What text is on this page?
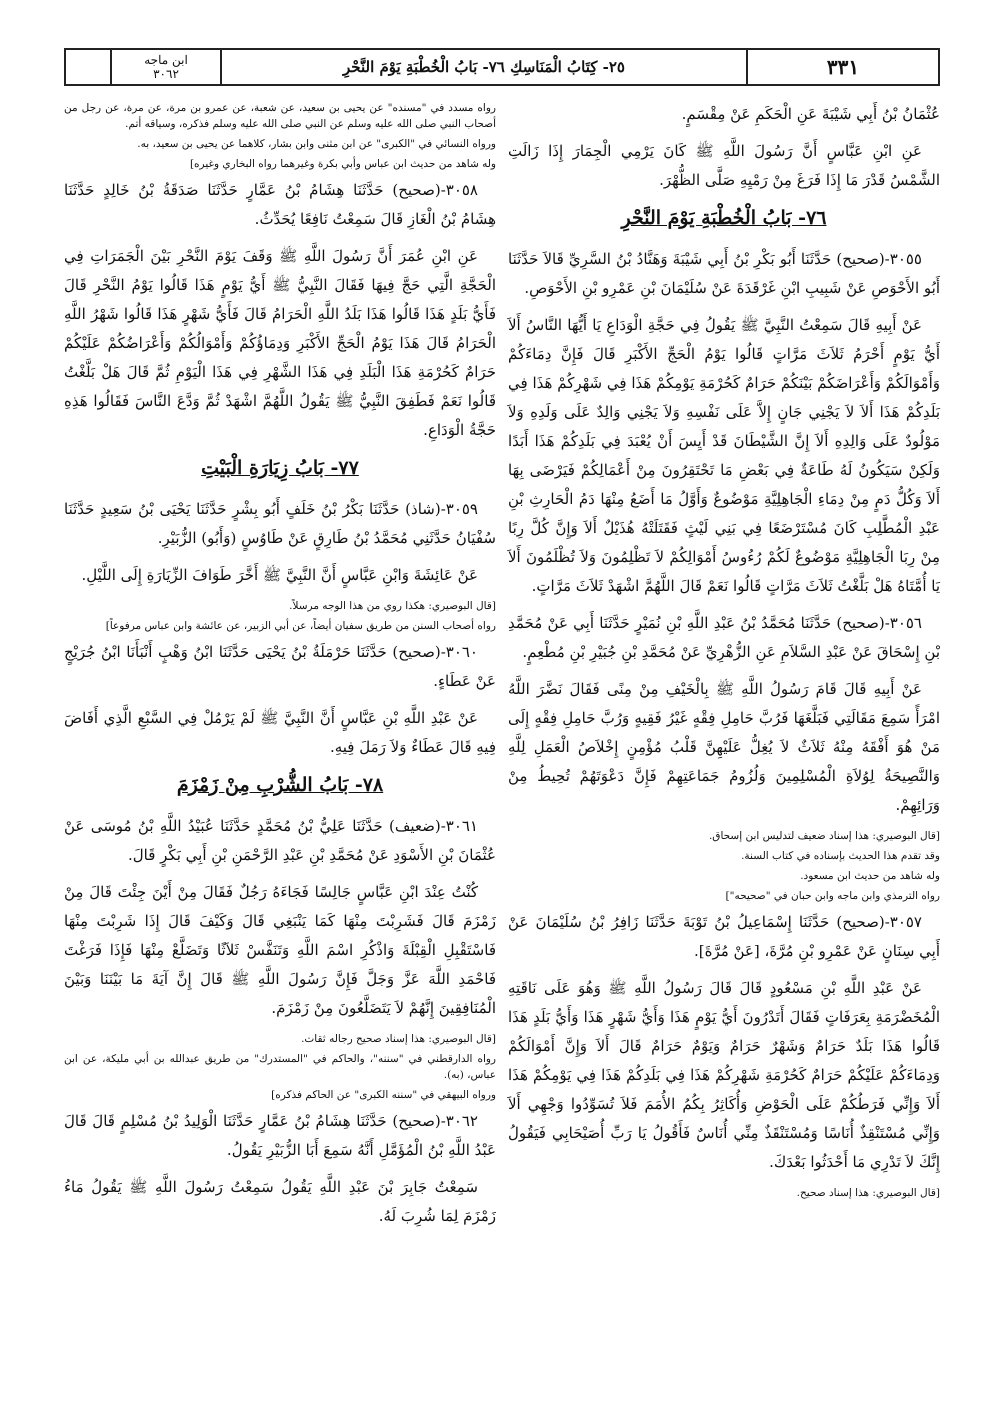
ابن ماجه
٣٠٦٢	٢٥- كِتَابُ الْمَنَاسِكِ ٧٦- بَابُ الْخُطْبَةِ يَوْمَ النَّحْرِ	٣٣١

عُثْمَانُ بْنُ أَبِي شَيْبَةَ عَنِ الْحَكَمِ عَنْ مِقْسَمٍ.

عَنِ ابْنِ عَبَّاسٍ أَنَّ رَسُولَ اللَّهِ ﷺ كَانَ يَرْمِي الْجِمَارَ إِذَا زَالَتِ الشَّمْسُ قَدْرَ مَا إِذَا فَرَغَ مِنْ رَمْيِهِ صَلَّى الظُّهْرَ.

٧٦- بَابُ الْخُطْبَةِ يَوْمَ النَّحْرِ

٣٠٥٥-(صحيح) حَدَّثَنَا أَبُو بَكْرِ بْنُ أَبِي شَيْبَةَ وَهَنَّادُ بْنُ السَّرِيِّ قَالاَ حَدَّثَنَا أَبُو الأَحْوَصِ عَنْ شَبِيبِ ابْنِ غَرْقَدَةَ عَنْ سُلَيْمَانَ بْنِ عَمْرِو بْنِ الأَحْوَصِ.

عَنْ أَبِيهِ قَالَ سَمِعْتُ النَّبِيَّ ﷺ يَقُولُ فِي حَجَّةِ الْوَدَاعِ يَا أَيُّهَا النَّاسُ أَلاَ أَيُّ يَوْمٍ أَحْرَمُ ثَلاَثَ مَرَّاتٍ قَالُوا يَوْمُ الْحَجِّ الأَكْبَرِ قَالَ فَإِنَّ دِمَاءَكُمْ وَأَمْوَالَكُمْ وَأَعْرَاضَكُمْ بَيْنَكُمْ حَرَامٌ كَحُرْمَةِ يَوْمِكُمْ هَذَا فِي شَهْرِكُمْ هَذَا فِي بَلَدِكُمْ هَذَا أَلاَ لاَ يَجْنِي جَانٍ إِلاَّ عَلَى نَفْسِهِ وَلاَ يَجْنِي وَالِدٌ عَلَى وَلَدِهِ وَلاَ مَوْلُودٌ عَلَى وَالِدِهِ أَلاَ إِنَّ الشَّيْطَانَ قَدْ أَيِسَ أَنْ يُعْبَدَ فِي بَلَدِكُمْ هَذَا أَبَدًا وَلَكِنْ سَيَكُونُ لَهُ طَاعَةٌ فِي بَعْضِ مَا تَحْتَقِرُونَ مِنْ أَعْمَالِكُمْ فَيَرْضَى بِهَا أَلاَ وَكُلُّ دَمٍ مِنْ دِمَاءِ الْجَاهِلِيَّةِ مَوْضُوعٌ وَأَوَّلُ مَا أَضَعُ مِنْهَا دَمُ الْحَارِثِ بْنِ عَبْدِ الْمُطَّلِبِ كَانَ مُسْتَرْضَعًا فِي بَنِي لَيْثٍ فَقَتَلَتْهُ هُذَيْلٌ أَلاَ وَإِنَّ كُلَّ رِبًا مِنْ رِبَا الْجَاهِلِيَّةِ مَوْضُوعٌ لَكُمْ رُءُوسُ أَمْوَالِكُمْ لاَ تَظْلِمُونَ وَلاَ تُظْلَمُونَ أَلاَ يَا أُمَّتَاهُ هَلْ بَلَّغْتُ ثَلاَثَ مَرَّاتٍ قَالُوا نَعَمْ قَالَ اللَّهُمَّ اشْهَدْ ثَلاَثَ مَرَّاتٍ.

٣٠٥٦-(صحيح) حَدَّثَنَا مُحَمَّدُ بْنُ عَبْدِ اللَّهِ بْنِ نُمَيْرٍ حَدَّثَنَا أَبِي عَنْ مُحَمَّدِ بْنِ إِسْحَاقَ عَنْ عَبْدِ السَّلاَمِ عَنِ الزُّهْرِيِّ عَنْ مُحَمَّدِ بْنِ جُبَيْرِ بْنِ مُطْعِمٍ.

عَنْ أَبِيهِ قَالَ قَامَ رَسُولُ اللَّهِ ﷺ بِالْخَيْفِ مِنْ مِنًى فَقَالَ نَضَّرَ اللَّهُ امْرَأً سَمِعَ مَقَالَتِي فَبَلَّغَهَا فَرُبَّ حَامِلِ فِقْهٍ غَيْرُ فَقِيهٍ وَرُبَّ حَامِلِ فِقْهٍ إِلَى مَنْ هُوَ أَفْقَهُ مِنْهُ ثَلاَثٌ لاَ يُغِلُّ عَلَيْهِنَّ قَلْبُ مُؤْمِنٍ إِخْلاَصُ الْعَمَلِ لِلَّهِ وَالنَّصِيحَةُ لِوُلاَةِ الْمُسْلِمِينَ وَلُزُومُ جَمَاعَتِهِمْ فَإِنَّ دَعْوَتَهُمْ تُحِيطُ مِنْ وَرَائِهِمْ.

[قال البوصيري: هذا إسناد ضعيف لتدليس ابن إسحاق.

وقد تقدم هذا الحديث بإسناده في كتاب السنة.

وله شاهد من حديث ابن مسعود.

رواه الترمذي وابن ماجه وابن حبان في "صحيحه"]

٣٠٥٧-(صحيح) حَدَّثَنَا إِسْمَاعِيلُ بْنُ تَوْبَةَ حَدَّثَنَا زَافِرُ بْنُ سُلَيْمَانَ عَنْ أَبِي سِنَانٍ عَنْ عَمْرِو بْنِ مُرَّةَ، [عَنْ مُرَّةَ].

عَنْ عَبْدِ اللَّهِ بْنِ مَسْعُودٍ قَالَ قَالَ رَسُولُ اللَّهِ ﷺ وَهُوَ عَلَى نَاقَتِهِ الْمُخَضْرَمَةِ بِعَرَفَاتٍ فَقَالَ أَتَدْرُونَ أَيُّ يَوْمٍ هَذَا وَأَيُّ شَهْرٍ هَذَا وَأَيُّ بَلَدٍ هَذَا قَالُوا هَذَا بَلَدٌ حَرَامٌ وَشَهْرٌ حَرَامٌ وَيَوْمٌ حَرَامٌ قَالَ أَلاَ وَإِنَّ أَمْوَالَكُمْ وَدِمَاءَكُمْ عَلَيْكُمْ حَرَامٌ كَحُرْمَةِ شَهْرِكُمْ هَذَا فِي بَلَدِكُمْ هَذَا فِي يَوْمِكُمْ هَذَا أَلاَ وَإِنِّي فَرَطُكُمْ عَلَى الْحَوْضِ وَأُكَاثِرُ بِكُمُ الأُمَمَ فَلاَ تُسَوِّدُوا وَجْهِي أَلاَ وَإِنِّي مُسْتَنْقِذٌ أُنَاسًا وَمُسْتَنْقَذٌ مِنِّي أُنَاسٌ فَأَقُولُ يَا رَبِّ أُصَيْحَابِي فَيَقُولُ إِنَّكَ لاَ تَدْرِي مَا أَحْدَثُوا بَعْدَكَ.

[قال البوصيري: هذا إسناد صحيح.

رواه مسدد في "مسنده" عن يحيى بن سعيد، عن شعبة، عن عمرو بن مرة، عن مرة، عن رجل من أصحاب النبي صلى الله عليه وسلم عن النبي صلى الله عليه وسلم فذكره، وسياقه أتم.

ورواه النسائي في "الكبرى" عن ابن مثنى وابن بشار، كلاهما عن يحيى بن سعيد، به.

وله شاهد من حديث ابن عباس وأبي بكرة وغيرهما رواه البخاري وغيره]

٣٠٥٨-(صحيح) حَدَّثَنَا هِشَامُ بْنُ عَمَّارٍ حَدَّثَنَا صَدَقَةُ بْنُ خَالِدٍ حَدَّثَنَا هِشَامُ بْنُ الْغَازِ قَالَ سَمِعْتُ نَافِعًا يُحَدِّثُ.

عَنِ ابْنِ عُمَرَ أَنَّ رَسُولَ اللَّهِ ﷺ وَقَفَ يَوْمَ النَّحْرِ بَيْنَ الْجَمَرَاتِ فِي الْحَجَّةِ الَّتِي حَجَّ فِيهَا فَقَالَ النَّبِيُّ ﷺ أَيُّ يَوْمٍ هَذَا قَالُوا يَوْمُ النَّحْرِ قَالَ فَأَيُّ بَلَدٍ هَذَا قَالُوا هَذَا بَلَدُ اللَّهِ الْحَرَامُ قَالَ فَأَيُّ شَهْرٍ هَذَا قَالُوا شَهْرُ اللَّهِ الْحَرَامُ قَالَ هَذَا يَوْمُ الْحَجِّ الأَكْبَرِ وَدِمَاؤُكُمْ وَأَمْوَالُكُمْ وَأَعْرَاضُكُمْ عَلَيْكُمْ حَرَامٌ كَحُرْمَةِ هَذَا الْبَلَدِ فِي هَذَا الشَّهْرِ فِي هَذَا الْيَوْمِ ثُمَّ قَالَ هَلْ بَلَّغْتُ قَالُوا نَعَمْ فَطَفِقَ النَّبِيُّ ﷺ يَقُولُ اللَّهُمَّ اشْهَدْ ثُمَّ وَدَّعَ النَّاسَ فَقَالُوا هَذِهِ حَجَّةُ الْوَدَاعِ.

٧٧- بَابُ زِيَارَةِ الْبَيْتِ

٣٠٥٩-(شاذ) حَدَّثَنَا بَكْرُ بْنُ خَلَفٍ أَبُو بِشْرٍ حَدَّثَنَا يَحْيَى بْنُ سَعِيدٍ حَدَّثَنَا سُفْيَانُ حَدَّثَنِي مُحَمَّدُ بْنُ طَارِقٍ عَنْ طَاوُسٍ (وَأَبُو) الزُّبَيْرِ.

عَنْ عَائِشَةَ وَابْنِ عَبَّاسٍ أَنَّ النَّبِيَّ ﷺ أَخَّرَ طَوَافَ الزِّيَارَةِ إِلَى اللَّيْلِ.

[قال البوصيري: هكذا روي من هذا الوجه مرسلاً.

رواه أصحاب السنن من طريق سفيان أيضاً، عن أبي الزبير، عن عائشة وابن عباس مرفوعاً]

٣٠٦٠-(صحيح) حَدَّثَنَا حَرْمَلَةُ بْنُ يَحْيَى حَدَّثَنَا ابْنُ وَهْبٍ أَنْبَأَنَا ابْنُ جُرَيْجٍ عَنْ عَطَاءٍ.

عَنْ عَبْدِ اللَّهِ بْنِ عَبَّاسٍ أَنَّ النَّبِيَّ ﷺ لَمْ يَرْمُلْ فِي السَّبْعِ الَّذِي أَفَاضَ فِيهِ قَالَ عَطَاءٌ وَلاَ رَمَلَ فِيهِ.

٧٨- بَابُ الشُّرْبِ مِنْ زَمْزَمَ

٣٠٦١-(ضعيف) حَدَّثَنَا عَلِيُّ بْنُ مُحَمَّدٍ حَدَّثَنَا عُبَيْدُ اللَّهِ بْنُ مُوسَى عَنْ عُثْمَانَ بْنِ الأَسْوَدِ عَنْ مُحَمَّدِ بْنِ عَبْدِ الرَّحْمَنِ بْنِ أَبِي بَكْرٍ قَالَ.

كُنْتُ عِنْدَ ابْنِ عَبَّاسٍ جَالِسًا فَجَاءَهُ رَجُلٌ فَقَالَ مِنْ أَيْنَ جِئْتَ قَالَ مِنْ زَمْزَمَ قَالَ فَشَرِبْتَ مِنْهَا كَمَا يَنْبَغِي قَالَ وَكَيْفَ قَالَ إِذَا شَرِبْتَ مِنْهَا فَاسْتَقْبِلِ الْقِبْلَةَ وَاذْكُرِ اسْمَ اللَّهِ وَتَنَفَّسْ ثَلاَثًا وَتَضَلَّعْ مِنْهَا فَإِذَا فَرَغْتَ فَاحْمَدِ اللَّهَ عَزَّ وَجَلَّ فَإِنَّ رَسُولَ اللَّهِ ﷺ قَالَ إِنَّ آيَةَ مَا بَيْنَنَا وَبَيْنَ الْمُنَافِقِينَ إِنَّهُمْ لاَ يَتَضَلَّعُونَ مِنْ زَمْزَمَ.

[قال البوصيري: هذا إسناد صحيح رجاله ثقات.

رواه الدارقطني في "سننه"، والحاكم في "المستدرك" من طريق عبدالله بن أبي مليكة، عن ابن عباس، (به).

ورواه البيهقي في "سننه الكبرى" عن الحاكم فذكره]

٣٠٦٢-(صحيح) حَدَّثَنَا هِشَامُ بْنُ عَمَّارٍ حَدَّثَنَا الْوَلِيدُ بْنُ مُسْلِمٍ قَالَ قَالَ عَبْدُ اللَّهِ بْنُ الْمُؤَمَّلِ أَنَّهُ سَمِعَ أَبَا الزُّبَيْرِ يَقُولُ.

سَمِعْتُ جَابِرَ بْنَ عَبْدِ اللَّهِ يَقُولُ سَمِعْتُ رَسُولَ اللَّهِ ﷺ يَقُولُ مَاءُ زَمْزَمَ لِمَا شُرِبَ لَهُ.
